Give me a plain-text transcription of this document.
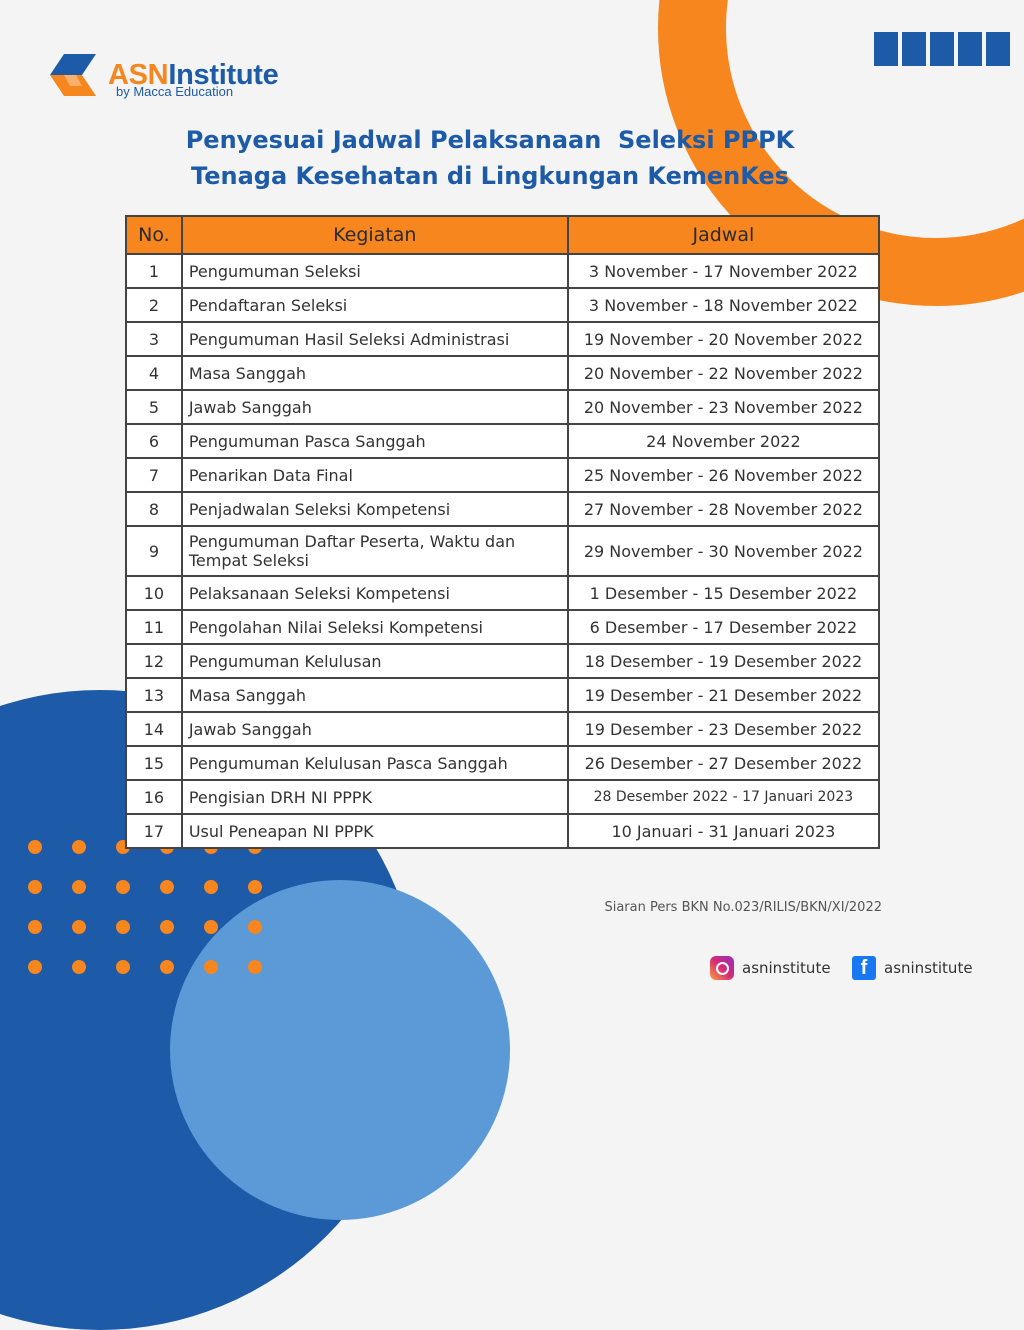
ASNInstitute
by Macca Education
Penyesuai Jadwal Pelaksanaan  Seleksi PPPK
Tenaga Kesehatan di Lingkungan KemenKes
No.	Kegiatan	Jadwal
1	Pengumuman Seleksi	3 November - 17 November 2022
2	Pendaftaran Seleksi	3 November - 18 November 2022
3	Pengumuman Hasil Seleksi Administrasi	19 November - 20 November 2022
4	Masa Sanggah	20 November - 22 November 2022
5	Jawab Sanggah	20 November - 23 November 2022
6	Pengumuman Pasca Sanggah	24 November 2022
7	Penarikan Data Final	25 November - 26 November 2022
8	Penjadwalan Seleksi Kompetensi	27 November - 28 November 2022
9	Pengumuman Daftar Peserta, Waktu dan Tempat Seleksi	29 November - 30 November 2022
10	Pelaksanaan Seleksi Kompetensi	1 Desember - 15 Desember 2022
11	Pengolahan Nilai Seleksi Kompetensi	6 Desember - 17 Desember 2022
12	Pengumuman Kelulusan	18 Desember - 19 Desember 2022
13	Masa Sanggah	19 Desember - 21 Desember 2022
14	Jawab Sanggah	19 Desember - 23 Desember 2022
15	Pengumuman Kelulusan Pasca Sanggah	26 Desember - 27 Desember 2022
16	Pengisian DRH NI PPPK	28 Desember 2022 - 17 Januari 2023
17	Usul Peneapan NI PPPK	10 Januari - 31 Januari 2023
Siaran Pers BKN No.023/RILIS/BKN/XI/2022
asninstitute	f	asninstitute
